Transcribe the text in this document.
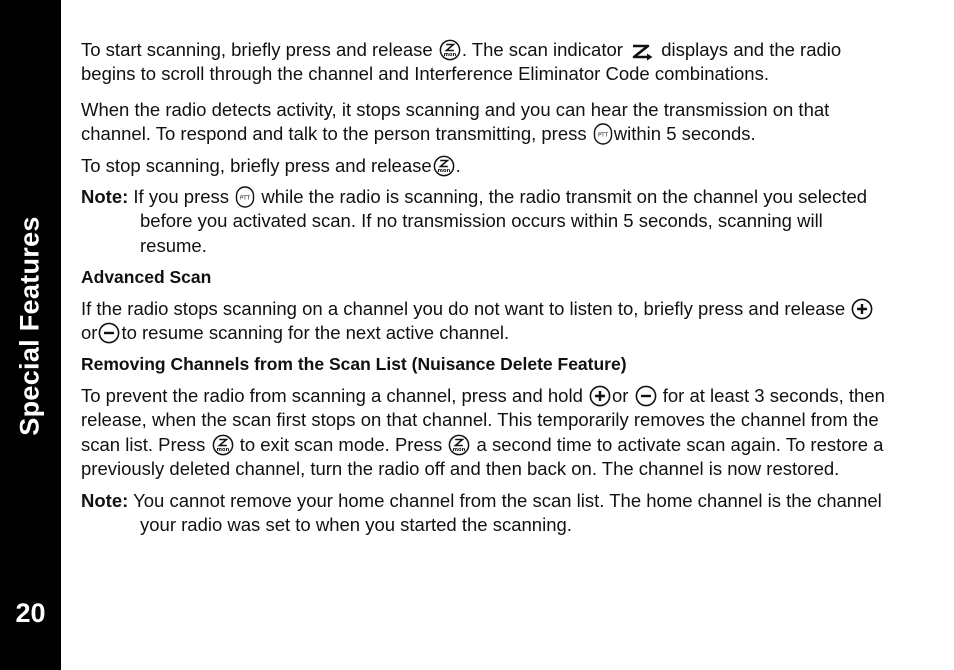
Special Features
20

To start scanning, briefly press and release mon . The scan indicator displays and the radio begins to scroll through the channel and Interference Eliminator Code combinations.

When the radio detects activity, it stops scanning and you can hear the transmission on that channel. To respond and talk to the person transmitting, press PTT within 5 seconds.

To stop scanning, briefly press and release mon .

Note: If you press PTT while the radio is scanning, the radio transmit on the channel you selected before you activated scan. If no transmission occurs within 5 seconds, scanning will resume.

Advanced Scan

If the radio stops scanning on a channel you do not want to listen to, briefly press and release
or to resume scanning for the next active channel.

Removing Channels from the Scan List (Nuisance Delete Feature)

To prevent the radio from scanning a channel, press and hold or for at least 3 seconds, then release, when the scan first stops on that channel. This temporarily removes the channel from the scan list. Press mon to exit scan mode. Press mon a second time to activate scan again. To restore a previously deleted channel, turn the radio off and then back on. The channel is now restored.

Note: You cannot remove your home channel from the scan list. The home channel is the channel your radio was set to when you started the scanning.
